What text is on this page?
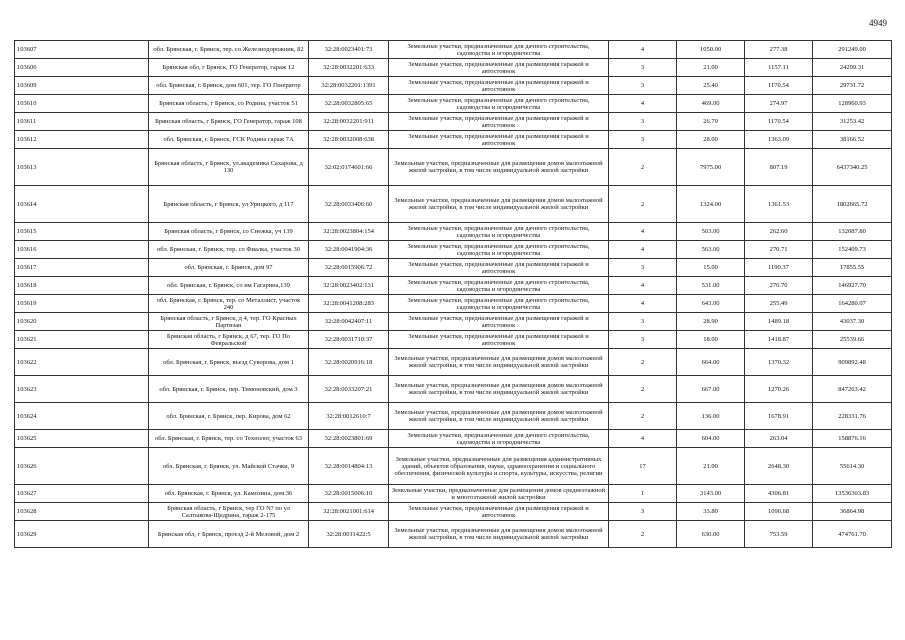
4949
103607	обл. Брянская, г. Брянск, тер. со Железнодорожник, 82	32:28:0023401:73	Земельные участки, предназначенные для дачного строительства, садоводства и огородничества	4	1050.00	277.38	291249.00
103606	Брянская обл, г Брянск, ГО Генератор, гараж 12	32:28:0032201:633	Земельные участки, предназначенные для размещения гаражей и автостоянок	3	21.00	1157.11	24299.31
103609	обл. Брянская, г. Брянск, дом 601, тер. ГО Генератор	32:28:0032201:1391	Земельные участки, предназначенные для размещения гаражей и автостоянок	3	25.40	1170.54	29731.72
103610	Брянская область, г Брянск, со Родина, участок 51	32:28:0032805:65	Земельные участки, предназначенные для дачного строительства, садоводства и огородничества	4	469.00	274.97	128960.93
103611	Брянская область, г Брянск, ГО Генератор, гараж 108	32:28:0032201:911	Земельные участки, предназначенные для размещения гаражей и автостоянок	3	26.70	1170.54	31253.42
103612	обл. Брянская, г. Брянск, ГСК Родина гараж 7А	32:28:0032008:638	Земельные участки, предназначенные для размещения гаражей и автостоянок	3	28.00	1363.09	38166.52
103613	Брянская область, г Брянск, ул.академика Сахарова, д 130	32:02:0174601:66	Земельные участки, предназначенные для размещения домов малоэтажной жилой застройки, в том числе индивидуальной жилой застройки	2	7975.00	807.19	6437340.25
103614	Брянская область, г Брянск, ул Урицкого, д 117	32:28:0033406:60	Земельные участки, предназначенные для размещения домов малоэтажной жилой застройки, в том числе индивидуальной жилой застройки	2	1324.00	1361.53	1802665.72
103615	Брянская область, г Брянск, со Снежка, уч 139	32:28:0023804:154	Земельные участки, предназначенные для дачного строительства, садоводства и огородничества	4	503.00	262.60	132087.80
103616	обл. Брянская, г. Брянск, тер. со Фиалка, участок 30	32:28:0041904:36	Земельные участки, предназначенные для дачного строительства, садоводства и огородничества	4	563.00	270.71	152409.73
103617	обл. Брянская, г. Брянск, дом 97	32:28:0015906:72	Земельные участки, предназначенные для размещения гаражей и автостоянок	3	15.00	1190.37	17855.55
103618	обл. Брянская, г. Брянск, со им Гагарина,139	32:28:0023402:131	Земельные участки, предназначенные для дачного строительства, садоводства и огородничества	4	531.00	276.70	146927.70
103619	обл. Брянская, г. Брянск, тер. со Металлист, участок 240	32:28:0041208:283	Земельные участки, предназначенные для дачного строительства, садоводства и огородничества	4	643.00	255.49	164280.07
103620	Брянская область, г Брянск, д 4, тер. ГО Красных Партизан	32:28:0042407:11	Земельные участки, предназначенные для размещения гаражей и автостоянок	3	28.90	1489.18	43037.30
103621	Брянская область, г Брянск, д 67, тер. ГО По Февральской	32:28:0031710:37	Земельные участки, предназначенные для размещения гаражей и автостоянок	3	18.00	1418.87	25539.66
103622	обл. Брянская, г. Брянск, въезд Суворова, дом 1	32:28:0020916:18	Земельные участки, предназначенные для размещения домов малоэтажной жилой застройки, в том числе индивидуальной жилой застройки	2	664.00	1370.32	909892.48
103623	обл. Брянская, г. Брянск, пер. Тимоновский, дом 3	32:28:0033207:21	Земельные участки, предназначенные для размещения домов малоэтажной жилой застройки, в том числе индивидуальной жилой застройки	2	667.00	1270.26	847263.42
103624	обл. Брянская, г. Брянск, пер. Кирова, дом 62	32:28:0012610:7	Земельные участки, предназначенные для размещения домов малоэтажной жилой застройки, в том числе индивидуальной жилой застройки	2	136.00	1678.91	228331.76
103625	обл. Брянская, г. Брянск, тер. со Технолог, участок 63	32:28:0023801:69	Земельные участки, предназначенные для дачного строительства, садоводства и огородничества	4	604.00	263.04	158876.16
103626	обл. Брянская, г. Брянск, ул. Майской Стачки, 9	32:28:0014804:13	Земельные участки, предназначенные для размещения административных зданий, объектов образования, науки, здравоохранения и социального обеспечения, физической культуры и спорта, культуры, искусства, религии	17	21.00	2648.30	55614.30
103627	обл. Брянская, г. Брянск, ул. Камозина, дом 36	32:28:0015006:10	Земельные участки, предназначенные для размещения домов среднеэтажной и многоэтажной жилой застройки	1	3143.00	4306.81	13536303.83
103628	Брянская область, г Брянск, тер ГО N? по ул Салтыкова-Щедрина, гараж 2-175	32:28:0021001:614	Земельные участки, предназначенные для размещения гаражей и автостоянок	3	33.80	1090.68	36864.98
103629	Брянская обл, г Брянск, проезд 2-й Меловой, дом 2	32:28:0011422:5	Земельные участки, предназначенные для размещения домов малоэтажной жилой застройки, в том числе индивидуальной жилой застройки	2	630.00	753.59	474761.70
